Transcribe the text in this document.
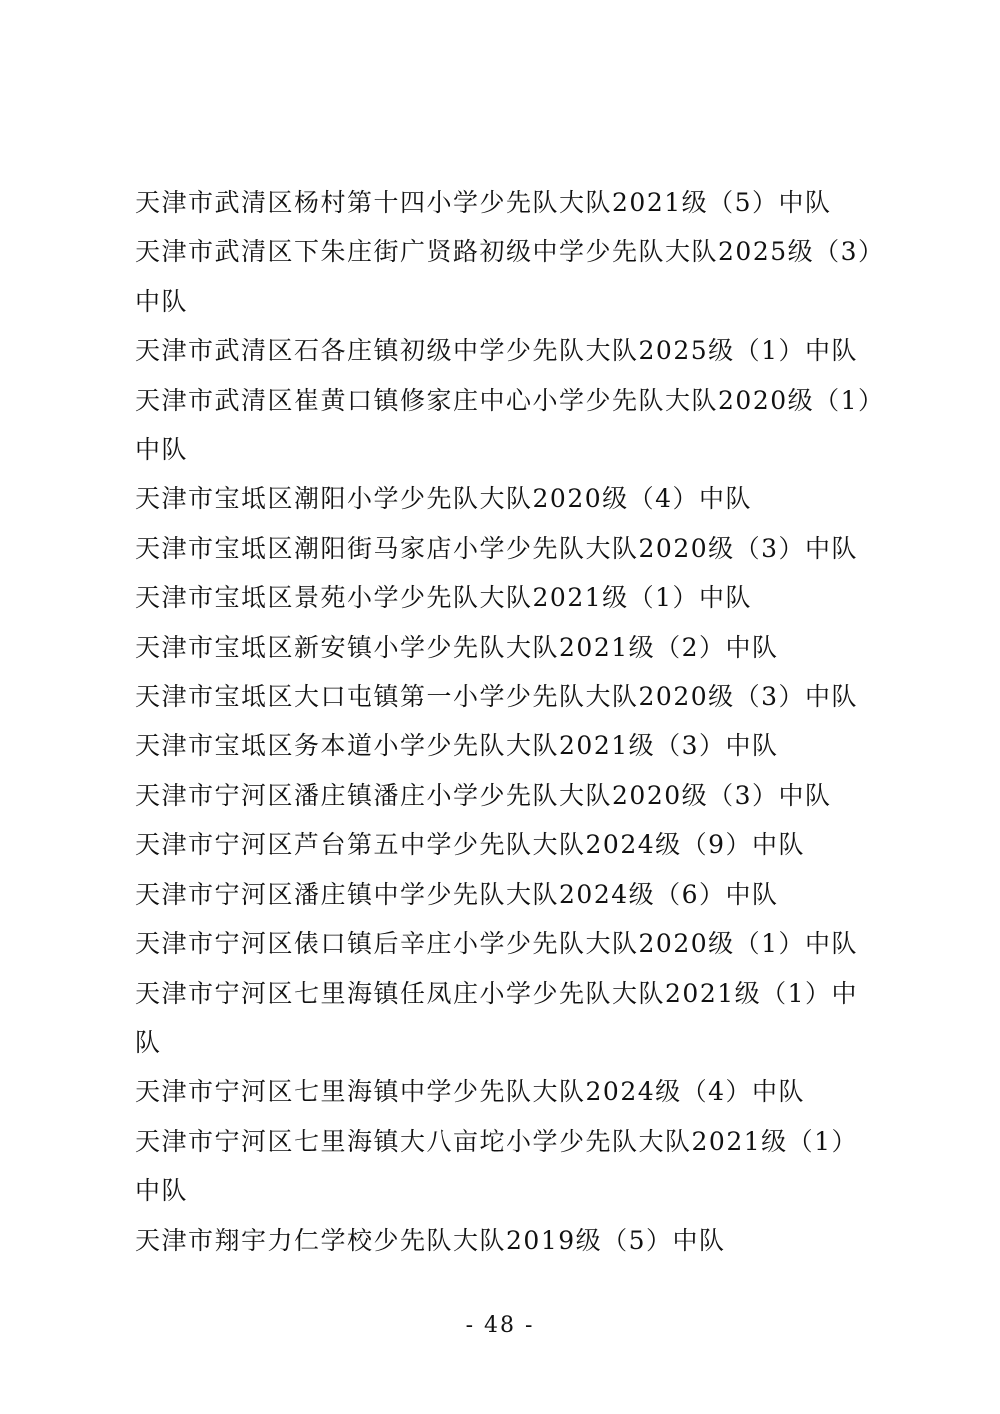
天津市武清区杨村第十四小学少先队大队2021级（5）中队
天津市武清区下朱庄街广贤路初级中学少先队大队2025级（3）中队
天津市武清区石各庄镇初级中学少先队大队2025级（1）中队
天津市武清区崔黄口镇修家庄中心小学少先队大队2020级（1）中队
天津市宝坻区潮阳小学少先队大队2020级（4）中队
天津市宝坻区潮阳街马家店小学少先队大队2020级（3）中队
天津市宝坻区景苑小学少先队大队2021级（1）中队
天津市宝坻区新安镇小学少先队大队2021级（2）中队
天津市宝坻区大口屯镇第一小学少先队大队2020级（3）中队
天津市宝坻区务本道小学少先队大队2021级（3）中队
天津市宁河区潘庄镇潘庄小学少先队大队2020级（3）中队
天津市宁河区芦台第五中学少先队大队2024级（9）中队
天津市宁河区潘庄镇中学少先队大队2024级（6）中队
天津市宁河区俵口镇后辛庄小学少先队大队2020级（1）中队
天津市宁河区七里海镇任凤庄小学少先队大队2021级（1）中队
天津市宁河区七里海镇中学少先队大队2024级（4）中队
天津市宁河区七里海镇大八亩坨小学少先队大队2021级（1）中队
天津市翔宇力仁学校少先队大队2019级（5）中队
- 48 -
